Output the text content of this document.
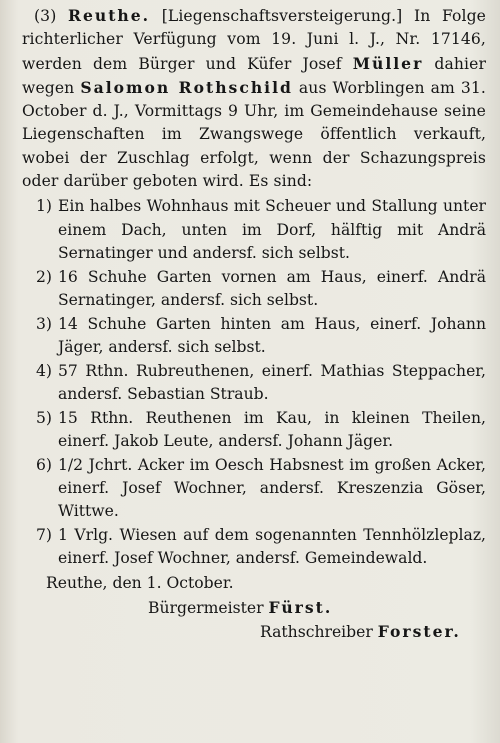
(3) Reuthe. [Liegenschaftsversteigerung.] In Folge richterlicher Verfügung vom 19. Juni l. J., Nr. 17146, werden dem Bürger und Küfer Josef Müller dahier wegen Salomon Rothschild aus Worblingen am 31. October d. J., Vormittags 9 Uhr, im Gemeindehause seine Liegenschaften im Zwangswege öffentlich verkauft, wobei der Zuschlag erfolgt, wenn der Schazungspreis oder darüber geboten wird. Es sind:

1) Ein halbes Wohnhaus mit Scheuer und Stallung unter einem Dach, unten im Dorf, hälftig mit Andrä Sernatinger und andersf. sich selbst.
2) 16 Schuhe Garten vornen am Haus, einerf. Andrä Sernatinger, andersf. sich selbst.
3) 14 Schuhe Garten hinten am Haus, einerf. Johann Jäger, andersf. sich selbst.
4) 57 Rthn. Rubreuthenen, einerf. Mathias Steppacher, andersf. Sebastian Straub.
5) 15 Rthn. Reuthenen im Kau, in kleinen Theilen, einerf. Jakob Leute, andersf. Johann Jäger.
6) 1/2 Jchrt. Acker im Oesch Habsnest im großen Acker, einerf. Josef Wochner, andersf. Kreszenzia Göser, Wittwe.
7) 1 Vrlg. Wiesen auf dem sogenannten Tennhölzleplaz, einerf. Josef Wochner, andersf. Gemeindewald.
Reuthe, den 1. October.
Bürgermeister Fürst.
Rathschreiber Forster.
